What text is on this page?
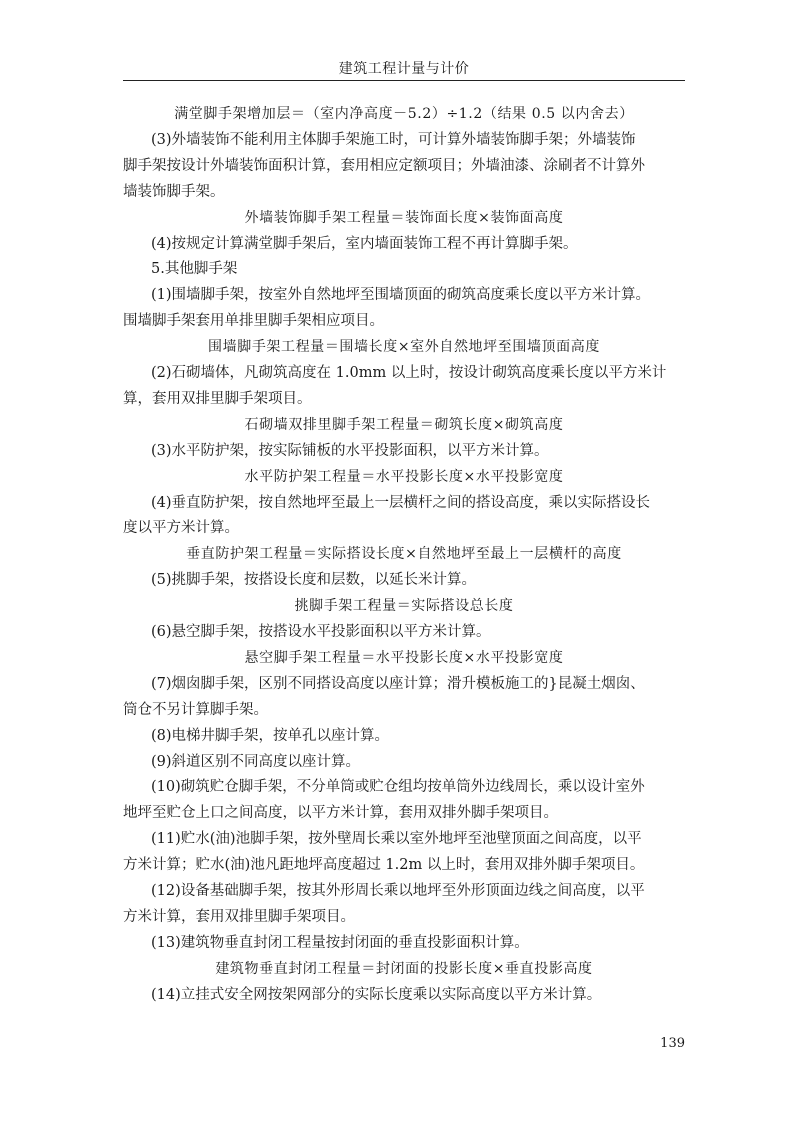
建筑工程计量与计价
满堂脚手架增加层＝（室内净高度－5.2）÷1.2（结果 0.5 以内舍去）
(3)外墙装饰不能利用主体脚手架施工时，可计算外墙装饰脚手架；外墙装饰
脚手架按设计外墙装饰面积计算，套用相应定额项目；外墙油漆、涂刷者不计算外
墙装饰脚手架。
外墙装饰脚手架工程量＝装饰面长度×装饰面高度
(4)按规定计算满堂脚手架后，室内墙面装饰工程不再计算脚手架。
5.其他脚手架
(1)围墙脚手架，按室外自然地坪至围墙顶面的砌筑高度乘长度以平方米计算。
围墙脚手架套用单排里脚手架相应项目。
围墙脚手架工程量＝围墙长度×室外自然地坪至围墙顶面高度
(2)石砌墙体，凡砌筑高度在 1.0mm 以上时，按设计砌筑高度乘长度以平方米计
算，套用双排里脚手架项目。
石砌墙双排里脚手架工程量＝砌筑长度×砌筑高度
(3)水平防护架，按实际铺板的水平投影面积，以平方米计算。
水平防护架工程量＝水平投影长度×水平投影宽度
(4)垂直防护架，按自然地坪至最上一层横杆之间的搭设高度，乘以实际搭设长
度以平方米计算。
垂直防护架工程量＝实际搭设长度×自然地坪至最上一层横杆的高度
(5)挑脚手架，按搭设长度和层数，以延长米计算。
挑脚手架工程量＝实际搭设总长度
(6)悬空脚手架，按搭设水平投影面积以平方米计算。
悬空脚手架工程量＝水平投影长度×水平投影宽度
(7)烟囱脚手架，区别不同搭设高度以座计算；滑升模板施工的}昆凝土烟囱、
筒仓不另计算脚手架。
(8)电梯井脚手架，按单孔以座计算。
(9)斜道区别不同高度以座计算。
(10)砌筑贮仓脚手架，不分单筒或贮仓组均按单筒外边线周长，乘以设计室外
地坪至贮仓上口之间高度，以平方米计算，套用双排外脚手架项目。
(11)贮水(油)池脚手架，按外壁周长乘以室外地坪至池壁顶面之间高度，以平
方米计算；贮水(油)池凡距地坪高度超过 1.2m 以上时，套用双排外脚手架项目。
(12)设备基础脚手架，按其外形周长乘以地坪至外形顶面边线之间高度，以平
方米计算，套用双排里脚手架项目。
(13)建筑物垂直封闭工程量按封闭面的垂直投影面积计算。
建筑物垂直封闭工程量＝封闭面的投影长度×垂直投影高度
(14)立挂式安全网按架网部分的实际长度乘以实际高度以平方米计算。
139
